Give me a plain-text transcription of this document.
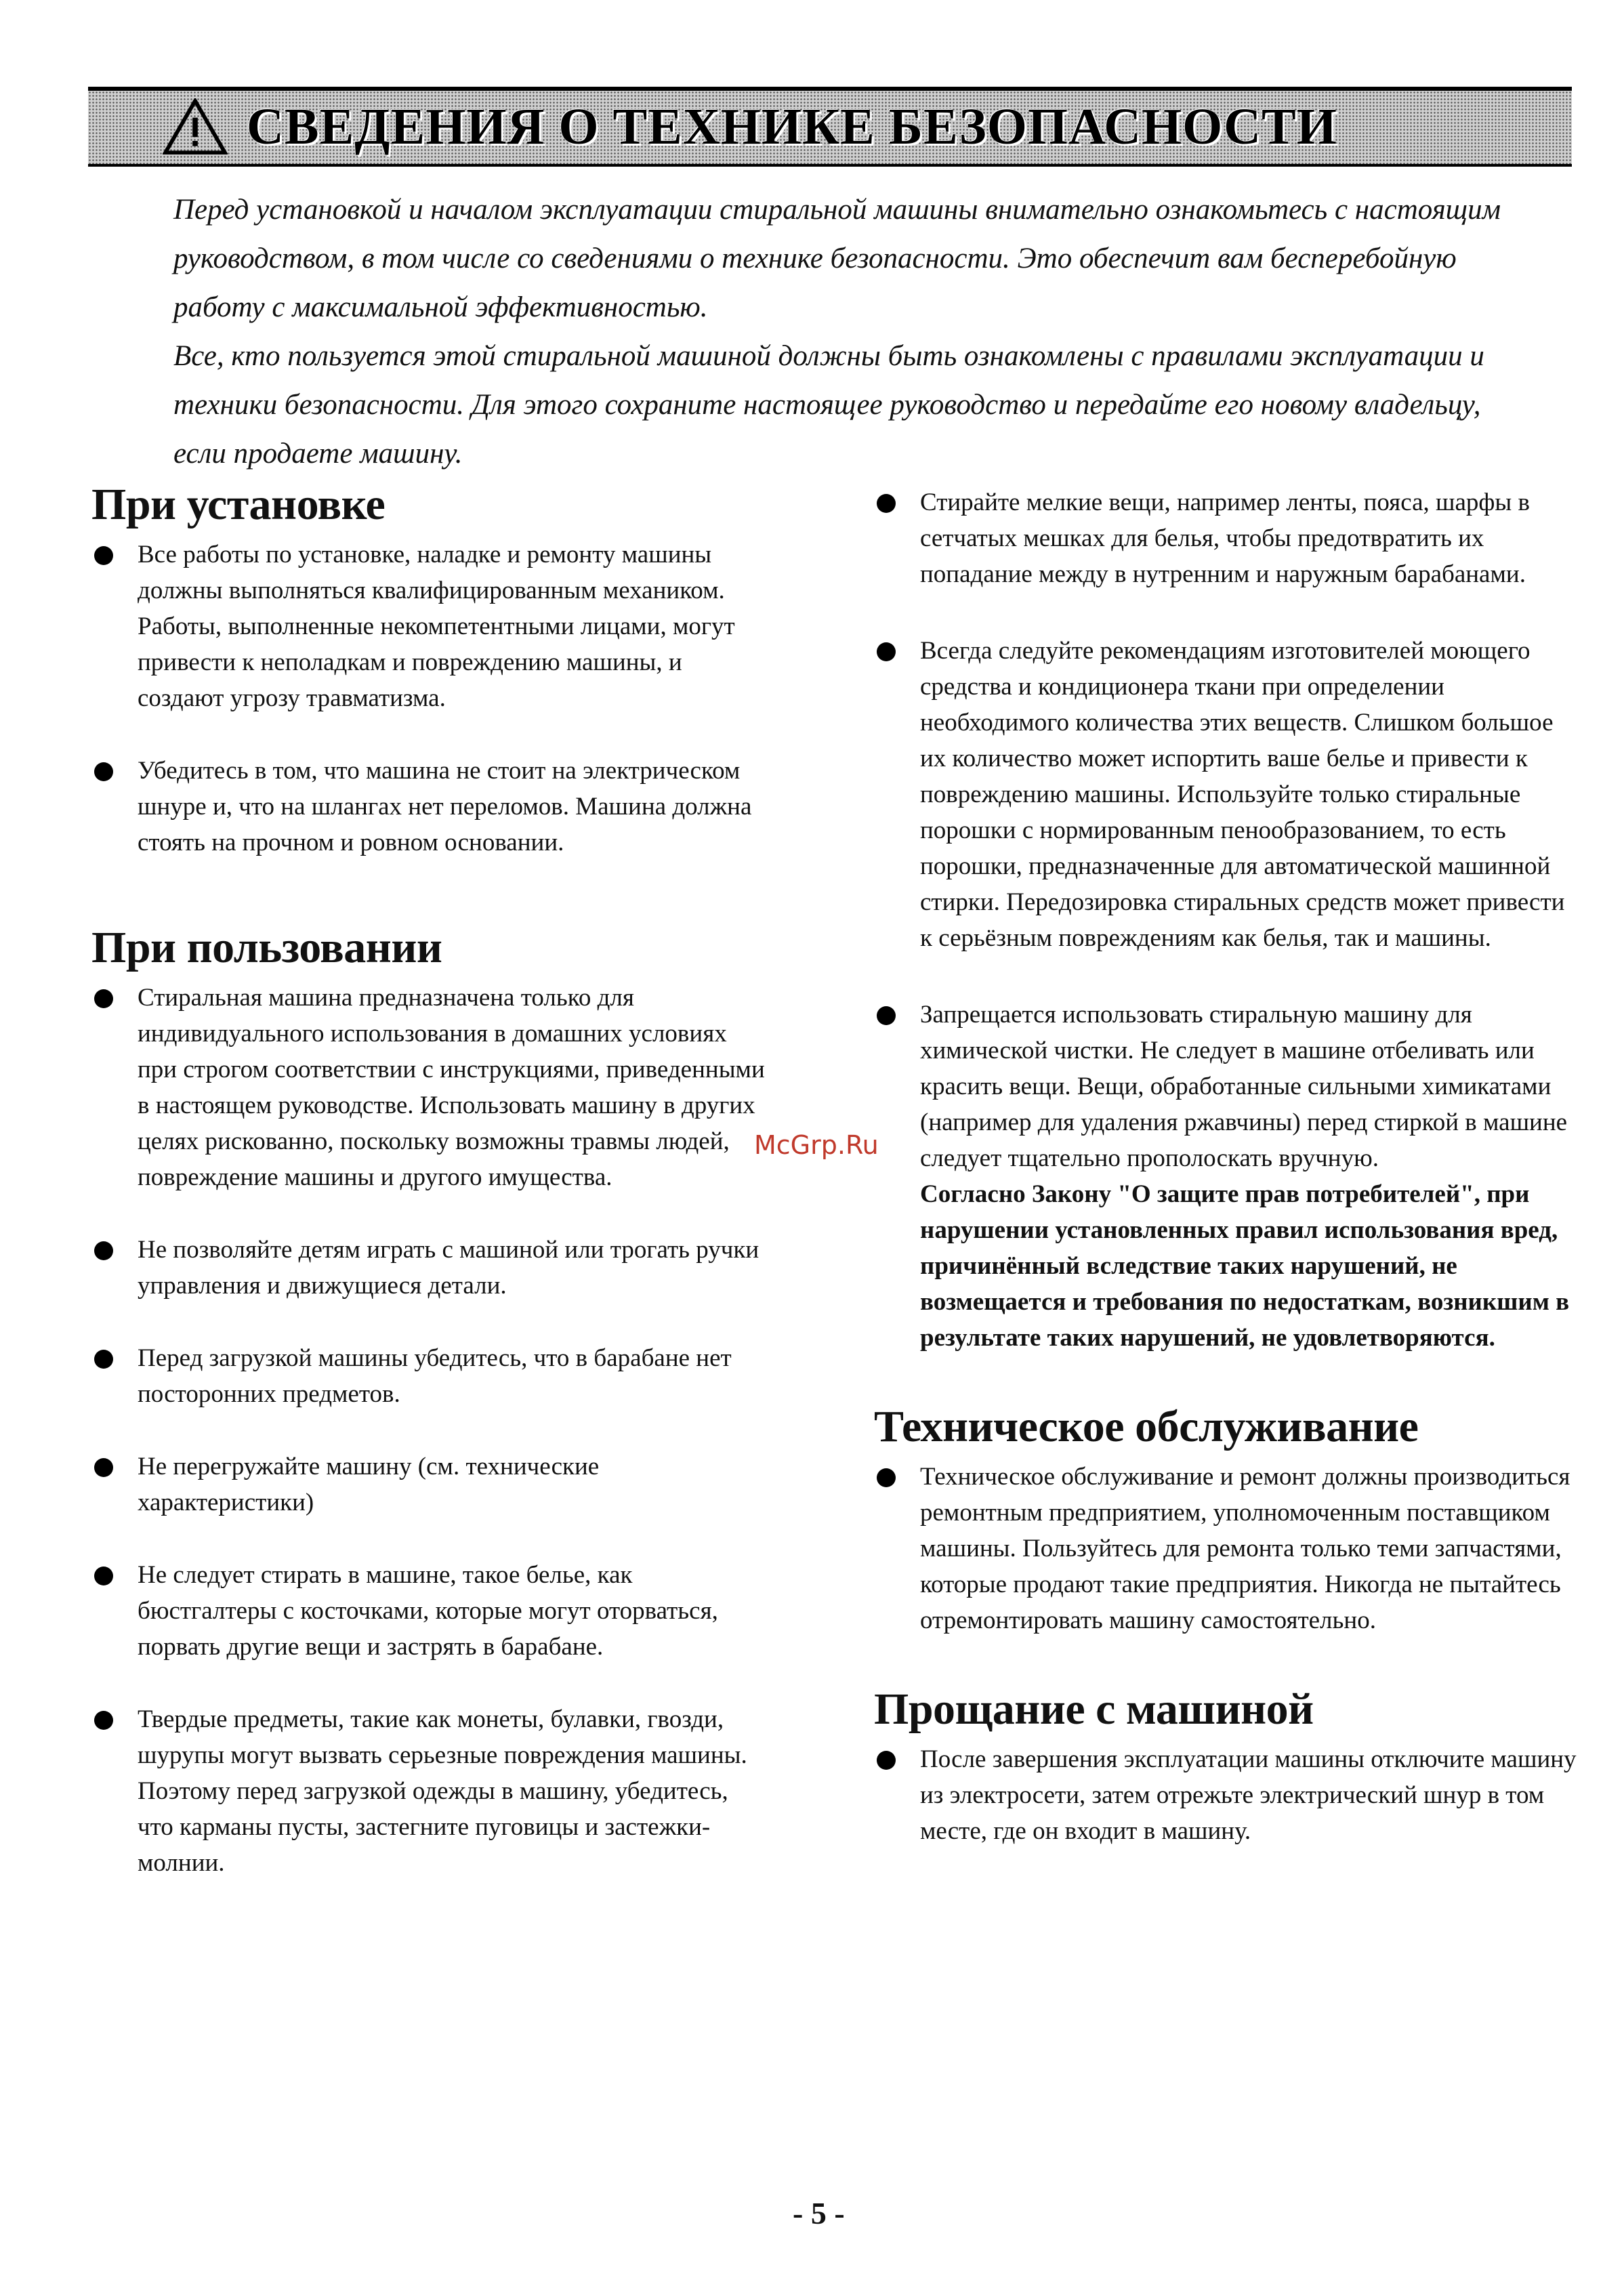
СВЕДЕНИЯ О ТЕХНИКЕ БЕЗОПАСНОСТИ

Перед установкой и началом эксплуатации стиральной машины внимательно ознакомьтесь с настоящим руководством, в том числе со сведениями о технике безопасности. Это обеспечит вам бесперебойную работу с максимальной эффективностью.

Все, кто пользуется этой стиральной машиной должны быть ознакомлены с правилами эксплуатации и техники безопасности. Для этого сохраните настоящее руководство и передайте его новому владельцу, если продаете машину.

При установке

Все работы по установке, наладке и ремонту машины должны выполняться квалифицированным механиком. Работы, выполненные некомпетентными лицами, могут привести к неполадкам и повреждению машины, и создают угрозу травматизма.

Убедитесь в том, что машина не стоит на электрическом шнуре и, что на шлангах нет переломов. Машина должна стоять на прочном и ровном основании.

При пользовании

Стиральная машина предназначена только для индивидуального использования в домашних условиях при строгом соответствии с инструкциями, приведенными в настоящем руководстве. Использовать машину в других целях рискованно, поскольку возможны травмы людей, повреждение машины и другого имущества.

Не позволяйте детям играть с машиной или трогать ручки управления и движущиеся детали.

Перед загрузкой машины убедитесь, что в барабане нет посторонних предметов.

Не перегружайте машину (см. технические характеристики)

Не следует стирать в машине, такое белье, как бюстгалтеры с косточками, которые могут оторваться, порвать другие вещи и застрять в барабане.

Твердые предметы, такие как монеты, булавки, гвозди, шурупы могут вызвать серьезные повреждения машины. Поэтому перед загрузкой одежды в машину, убедитесь, что карманы пусты, застегните пуговицы и застежки-молнии.

Стирайте мелкие вещи, например ленты, пояса, шарфы в сетчатых мешках для белья, чтобы предотвратить их попадание между в нутренним и наружным барабанами.

Всегда следуйте рекомендациям изготовителей моющего средства и кондиционера ткани при определении необходимого количества этих веществ. Слишком большое их количество может испортить ваше белье и привести к повреждению машины. Используйте только стиральные порошки с нормированным пенообразованием, то есть порошки, предназначенные для автоматической машинной стирки. Передозировка стиральных средств может привести к серьёзным повреждениям как белья, так и машины.

Запрещается использовать стиральную машину для химической чистки. Не следует в машине отбеливать или красить вещи. Вещи, обработанные сильными химикатами (например для удаления ржавчины) перед стиркой в машине следует тщательно прополоскать вручную.

Согласно Закону "О защите прав потребителей", при нарушении установленных правил использования вред, причинённый вследствие таких нарушений, не возмещается и требования по недостаткам, возникшим в результате таких нарушений, не удовлетворяются.

Техническое обслуживание

Техническое обслуживание и ремонт должны производиться ремонтным предприятием, уполномоченным поставщиком машины. Пользуйтесь для ремонта только теми запчастями, которые продают такие предприятия. Никогда не пытайтесь отремонтировать машину самостоятельно.

Прощание с машиной

После завершения эксплуатации машины отключите машину из электросети, затем отрежьте электрический шнур в том месте, где он входит в машину.

McGrp.Ru
- 5 -
